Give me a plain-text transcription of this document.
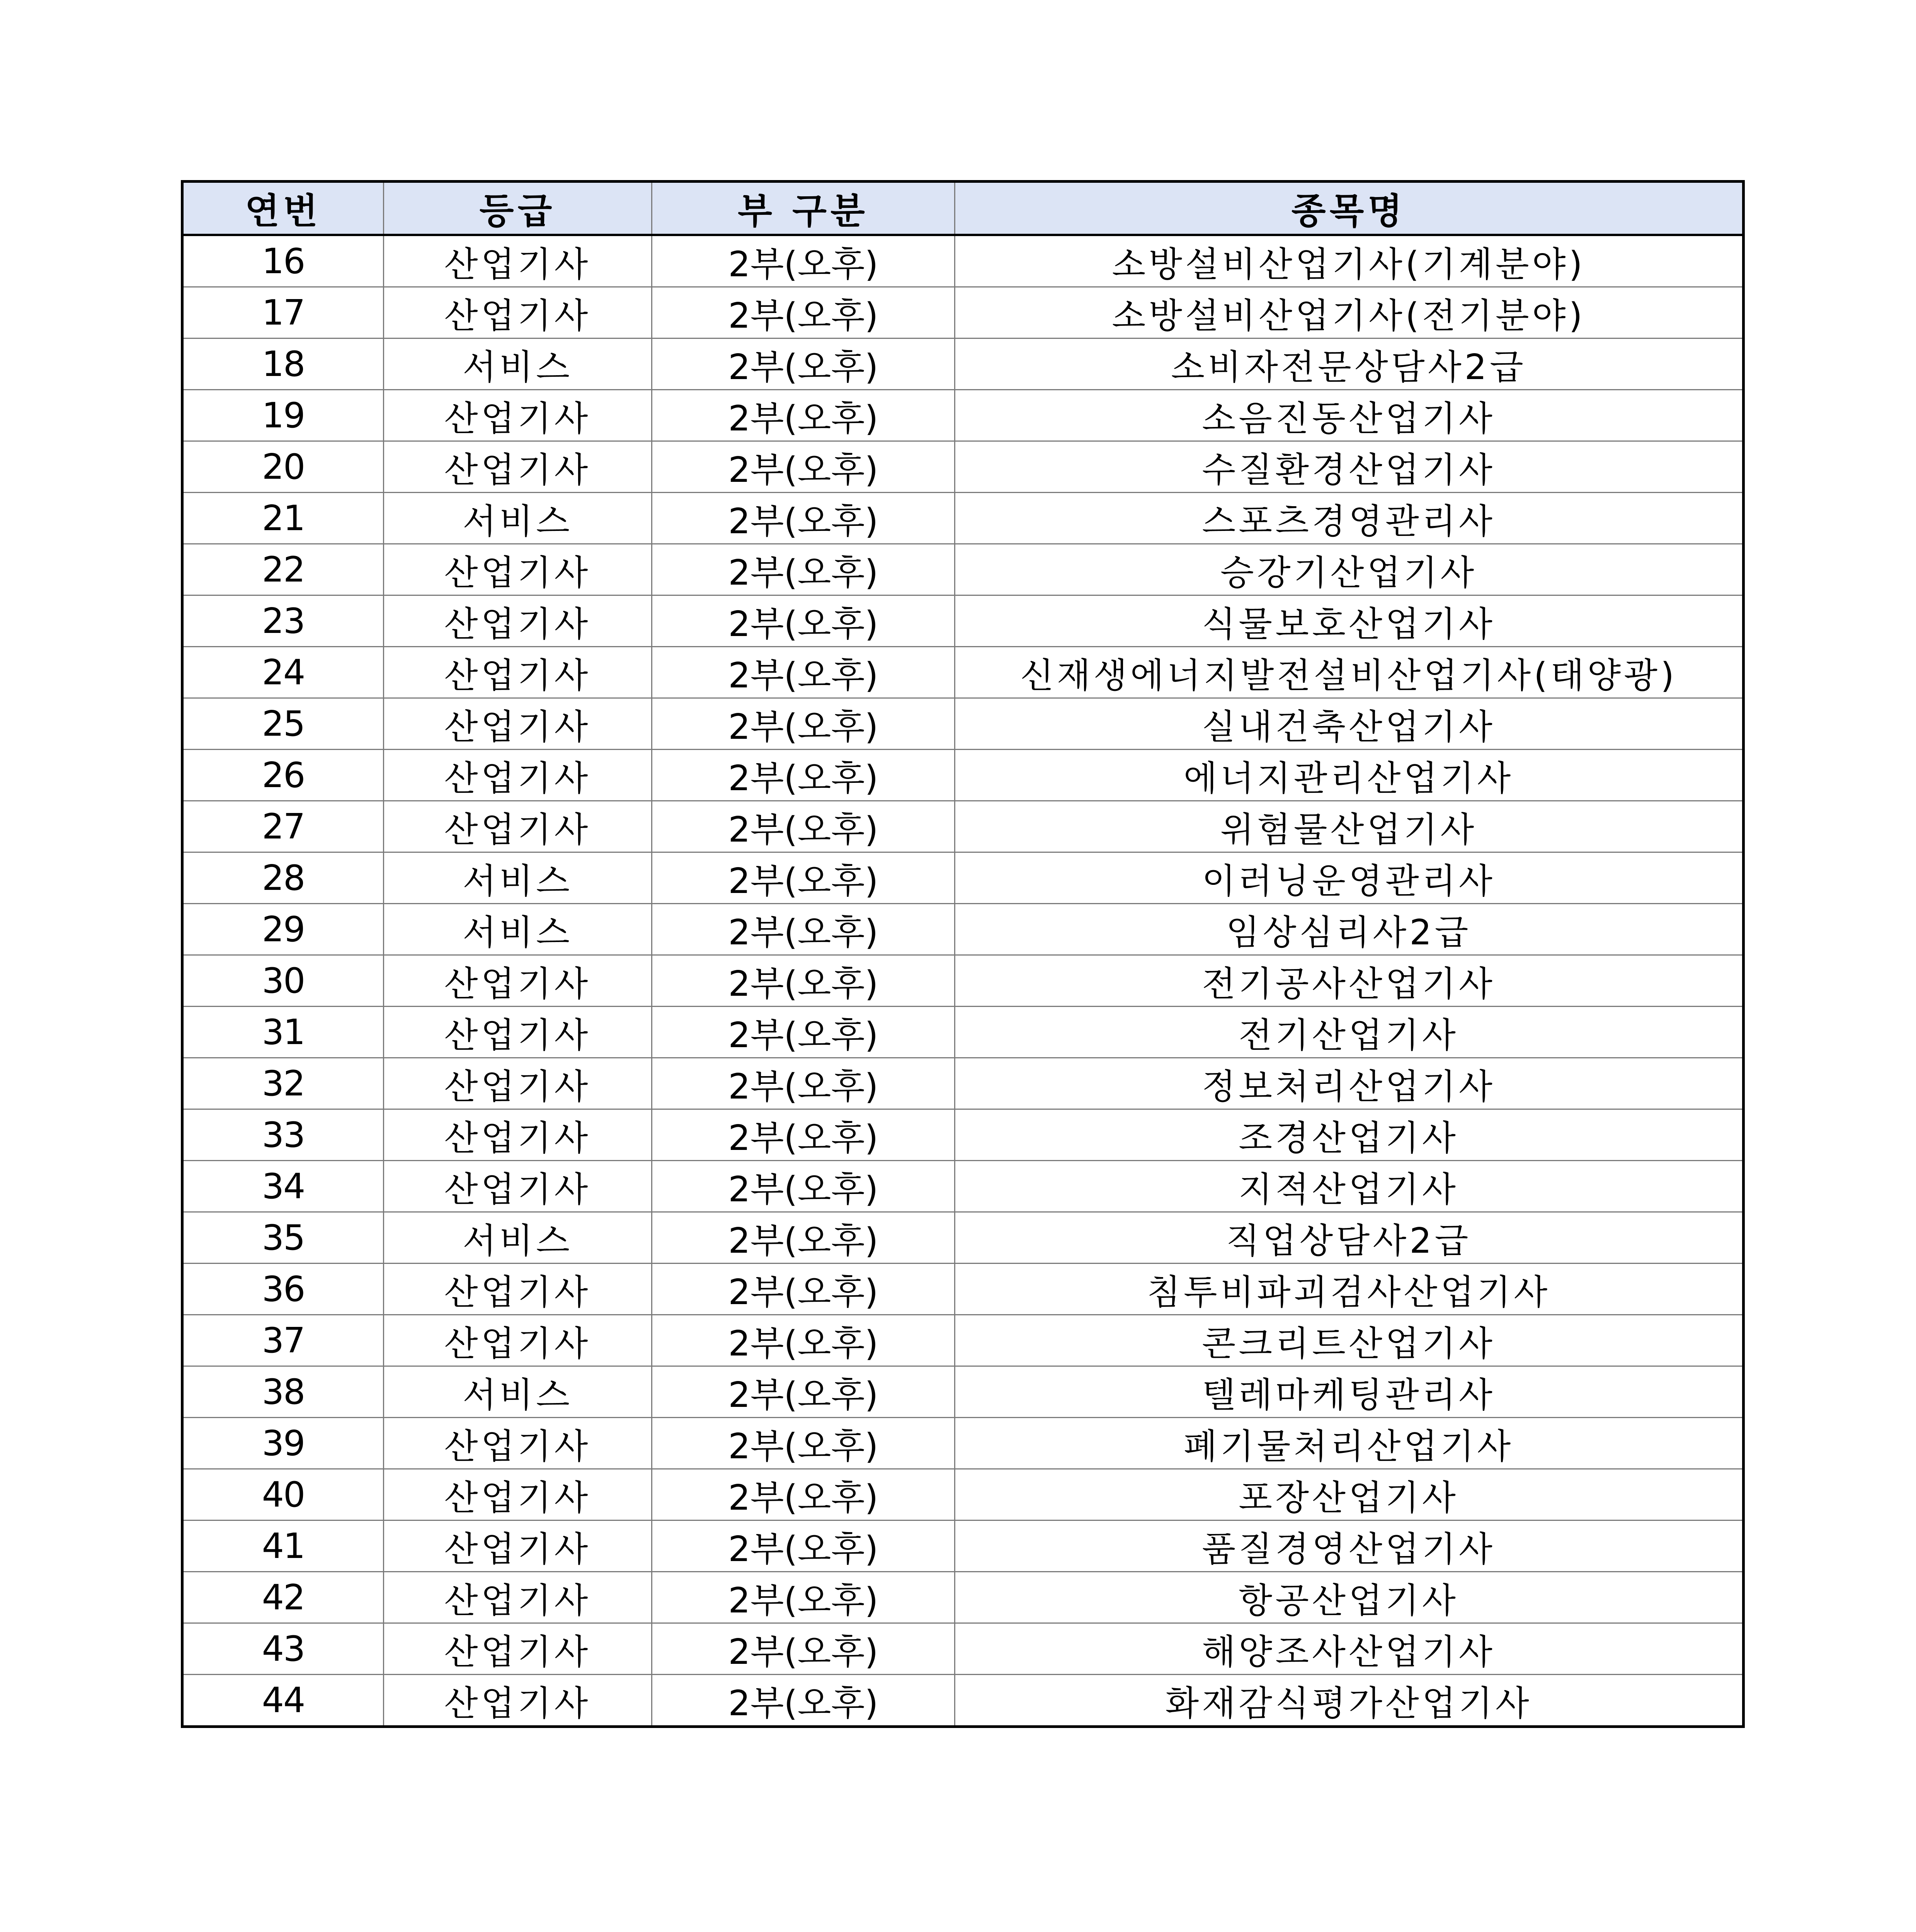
연번	등급	부 구분	종목명
16	산업기사	2부(오후)	소방설비산업기사(기계분야)
17	산업기사	2부(오후)	소방설비산업기사(전기분야)
18	서비스	2부(오후)	소비자전문상담사2급
19	산업기사	2부(오후)	소음진동산업기사
20	산업기사	2부(오후)	수질환경산업기사
21	서비스	2부(오후)	스포츠경영관리사
22	산업기사	2부(오후)	승강기산업기사
23	산업기사	2부(오후)	식물보호산업기사
24	산업기사	2부(오후)	신재생에너지발전설비산업기사(태양광)
25	산업기사	2부(오후)	실내건축산업기사
26	산업기사	2부(오후)	에너지관리산업기사
27	산업기사	2부(오후)	위험물산업기사
28	서비스	2부(오후)	이러닝운영관리사
29	서비스	2부(오후)	임상심리사2급
30	산업기사	2부(오후)	전기공사산업기사
31	산업기사	2부(오후)	전기산업기사
32	산업기사	2부(오후)	정보처리산업기사
33	산업기사	2부(오후)	조경산업기사
34	산업기사	2부(오후)	지적산업기사
35	서비스	2부(오후)	직업상담사2급
36	산업기사	2부(오후)	침투비파괴검사산업기사
37	산업기사	2부(오후)	콘크리트산업기사
38	서비스	2부(오후)	텔레마케팅관리사
39	산업기사	2부(오후)	폐기물처리산업기사
40	산업기사	2부(오후)	포장산업기사
41	산업기사	2부(오후)	품질경영산업기사
42	산업기사	2부(오후)	항공산업기사
43	산업기사	2부(오후)	해양조사산업기사
44	산업기사	2부(오후)	화재감식평가산업기사
